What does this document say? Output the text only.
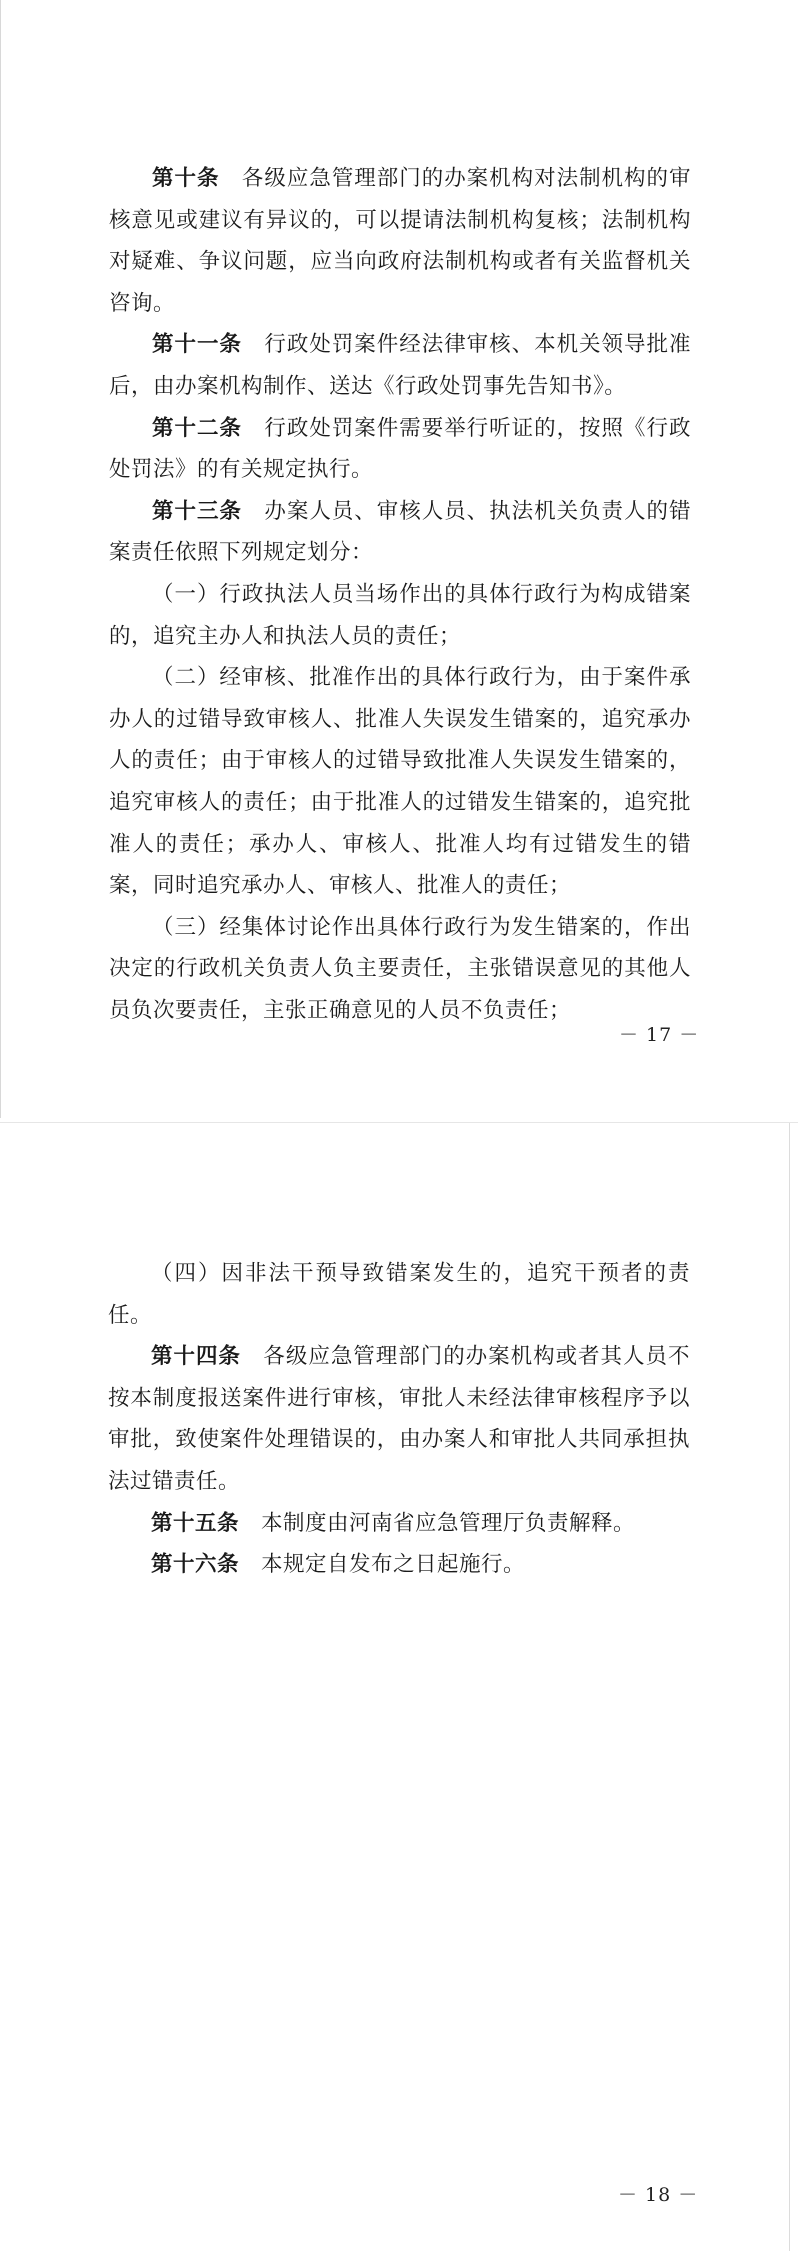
第十条　 各级应急管理部门的办案机构对法制机构的审核意见或建议有异议的，可以提请法制机构复核；法制机构对疑难、争议问题，应当向政府法制机构或者有关监督机关咨询。

第十一条　 行政处罚案件经法律审核、本机关领导批准后，由办案机构制作、送达《行政处罚事先告知书》。

第十二条　 行政处罚案件需要举行听证的，按照《行政处罚法》的有关规定执行。

第十三条　 办案人员、审核人员、执法机关负责人的错案责任依照下列规定划分：

（一）行政执法人员当场作出的具体行政行为构成错案的，追究主办人和执法人员的责任；

（二）经审核、批准作出的具体行政行为，由于案件承办人的过错导致审核人、批准人失误发生错案的，追究承办人的责任；由于审核人的过错导致批准人失误发生错案的，追究审核人的责任；由于批准人的过错发生错案的，追究批准人的责任；承办人、审核人、批准人均有过错发生的错案，同时追究承办人、审核人、批准人的责任；

（三）经集体讨论作出具体行政行为发生错案的，作出决定的行政机关负责人负主要责任，主张错误意见的其他人员负次要责任，主张正确意见的人员不负责任；

－ 17 －

（四）因非法干预导致错案发生的，追究干预者的责任。

第十四条　 各级应急管理部门的办案机构或者其人员不按本制度报送案件进行审核，审批人未经法律审核程序予以审批，致使案件处理错误的，由办案人和审批人共同承担执法过错责任。

第十五条　 本制度由河南省应急管理厅负责解释。

第十六条　 本规定自发布之日起施行。

－ 18 －
